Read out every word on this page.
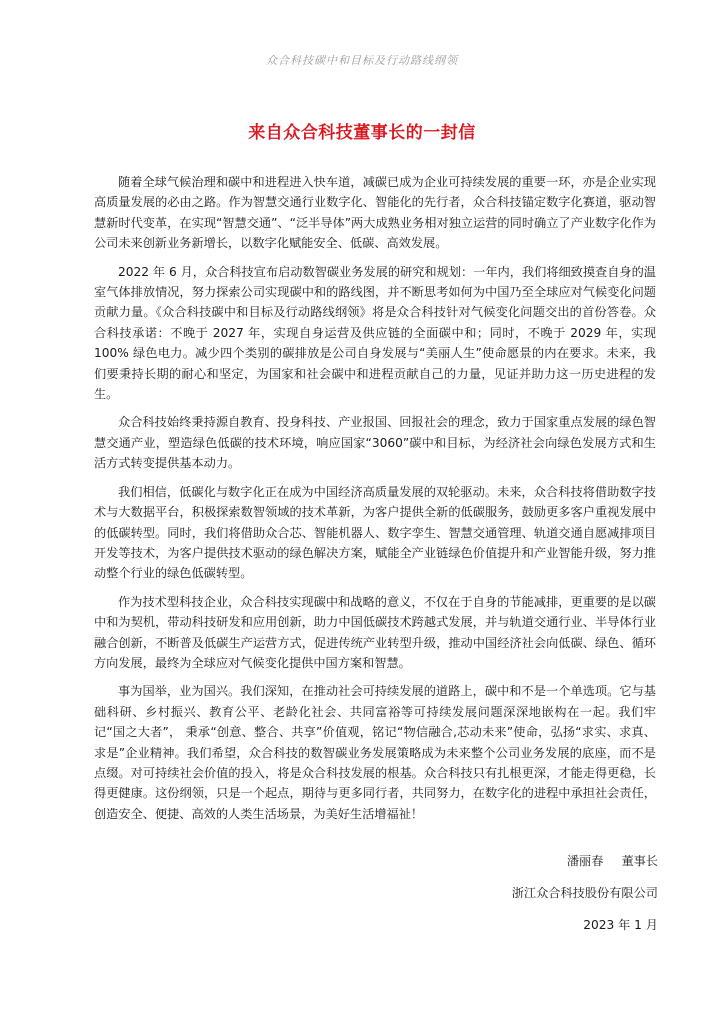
众合科技碳中和目标及行动路线纲领
来自众合科技董事长的一封信

随着全球气候治理和碳中和进程进入快车道，减碳已成为企业可持续发展的重要一环，亦是企业实现高质量发展的必由之路。作为智慧交通行业数字化、智能化的先行者，众合科技锚定数字化赛道，驱动智慧新时代变革，在实现“智慧交通”、“泛半导体”两大成熟业务相对独立运营的同时确立了产业数字化作为公司未来创新业务新增长，以数字化赋能安全、低碳、高效发展。

2022 年 6 月，众合科技宣布启动数智碳业务发展的研究和规划：一年内，我们将细致摸查自身的温室气体排放情况，努力探索公司实现碳中和的路线图，并不断思考如何为中国乃至全球应对气候变化问题贡献力量。《众合科技碳中和目标及行动路线纲领》将是众合科技针对气候变化问题交出的首份答卷。众合科技承诺：不晚于 2027 年，实现自身运营及供应链的全面碳中和；同时，不晚于 2029 年，实现 100% 绿色电力。减少四个类别的碳排放是公司自身发展与“美丽人生”使命愿景的内在要求。未来，我们要秉持长期的耐心和坚定，为国家和社会碳中和进程贡献自己的力量，见证并助力这一历史进程的发生。

众合科技始终秉持源自教育、投身科技、产业报国、回报社会的理念，致力于国家重点发展的绿色智慧交通产业，塑造绿色低碳的技术环境，响应国家“3060”碳中和目标，为经济社会向绿色发展方式和生活方式转变提供基本动力。

我们相信，低碳化与数字化正在成为中国经济高质量发展的双轮驱动。未来，众合科技将借助数字技术与大数据平台，积极探索数智领域的技术革新，为客户提供全新的低碳服务，鼓励更多客户重视发展中的低碳转型。同时，我们将借助众合芯、智能机器人、数字孪生、智慧交通管理、轨道交通自愿减排项目开发等技术，为客户提供技术驱动的绿色解决方案，赋能全产业链绿色价值提升和产业智能升级，努力推动整个行业的绿色低碳转型。

作为技术型科技企业，众合科技实现碳中和战略的意义，不仅在于自身的节能减排，更重要的是以碳中和为契机，带动科技研发和应用创新，助力中国低碳技术跨越式发展，并与轨道交通行业、半导体行业融合创新，不断普及低碳生产运营方式，促进传统产业转型升级，推动中国经济社会向低碳、绿色、循环方向发展，最终为全球应对气候变化提供中国方案和智慧。

事为国举，业为国兴。我们深知，在推动社会可持续发展的道路上，碳中和不是一个单选项。它与基础科研、乡村振兴、教育公平、老龄化社会、共同富裕等可持续发展问题深深地嵌构在一起。我们牢记“国之大者”， 秉承“创意、整合、共享”价值观，铭记“物信融合,芯动未来”使命，弘扬“求实、求真、 求是”企业精神。我们希望，众合科技的数智碳业务发展策略成为未来整个公司业务发展的底座，而不是点缀。对可持续社会价值的投入，将是众合科技发展的根基。众合科技只有扎根更深，才能走得更稳，长得更健康。这份纲领，只是一个起点，期待与更多同行者，共同努力，在数字化的进程中承担社会责任，创造安全、便捷、高效的人类生活场景，为美好生活增福祉！

潘丽春 董事长
浙江众合科技股份有限公司
2023 年 1 月
